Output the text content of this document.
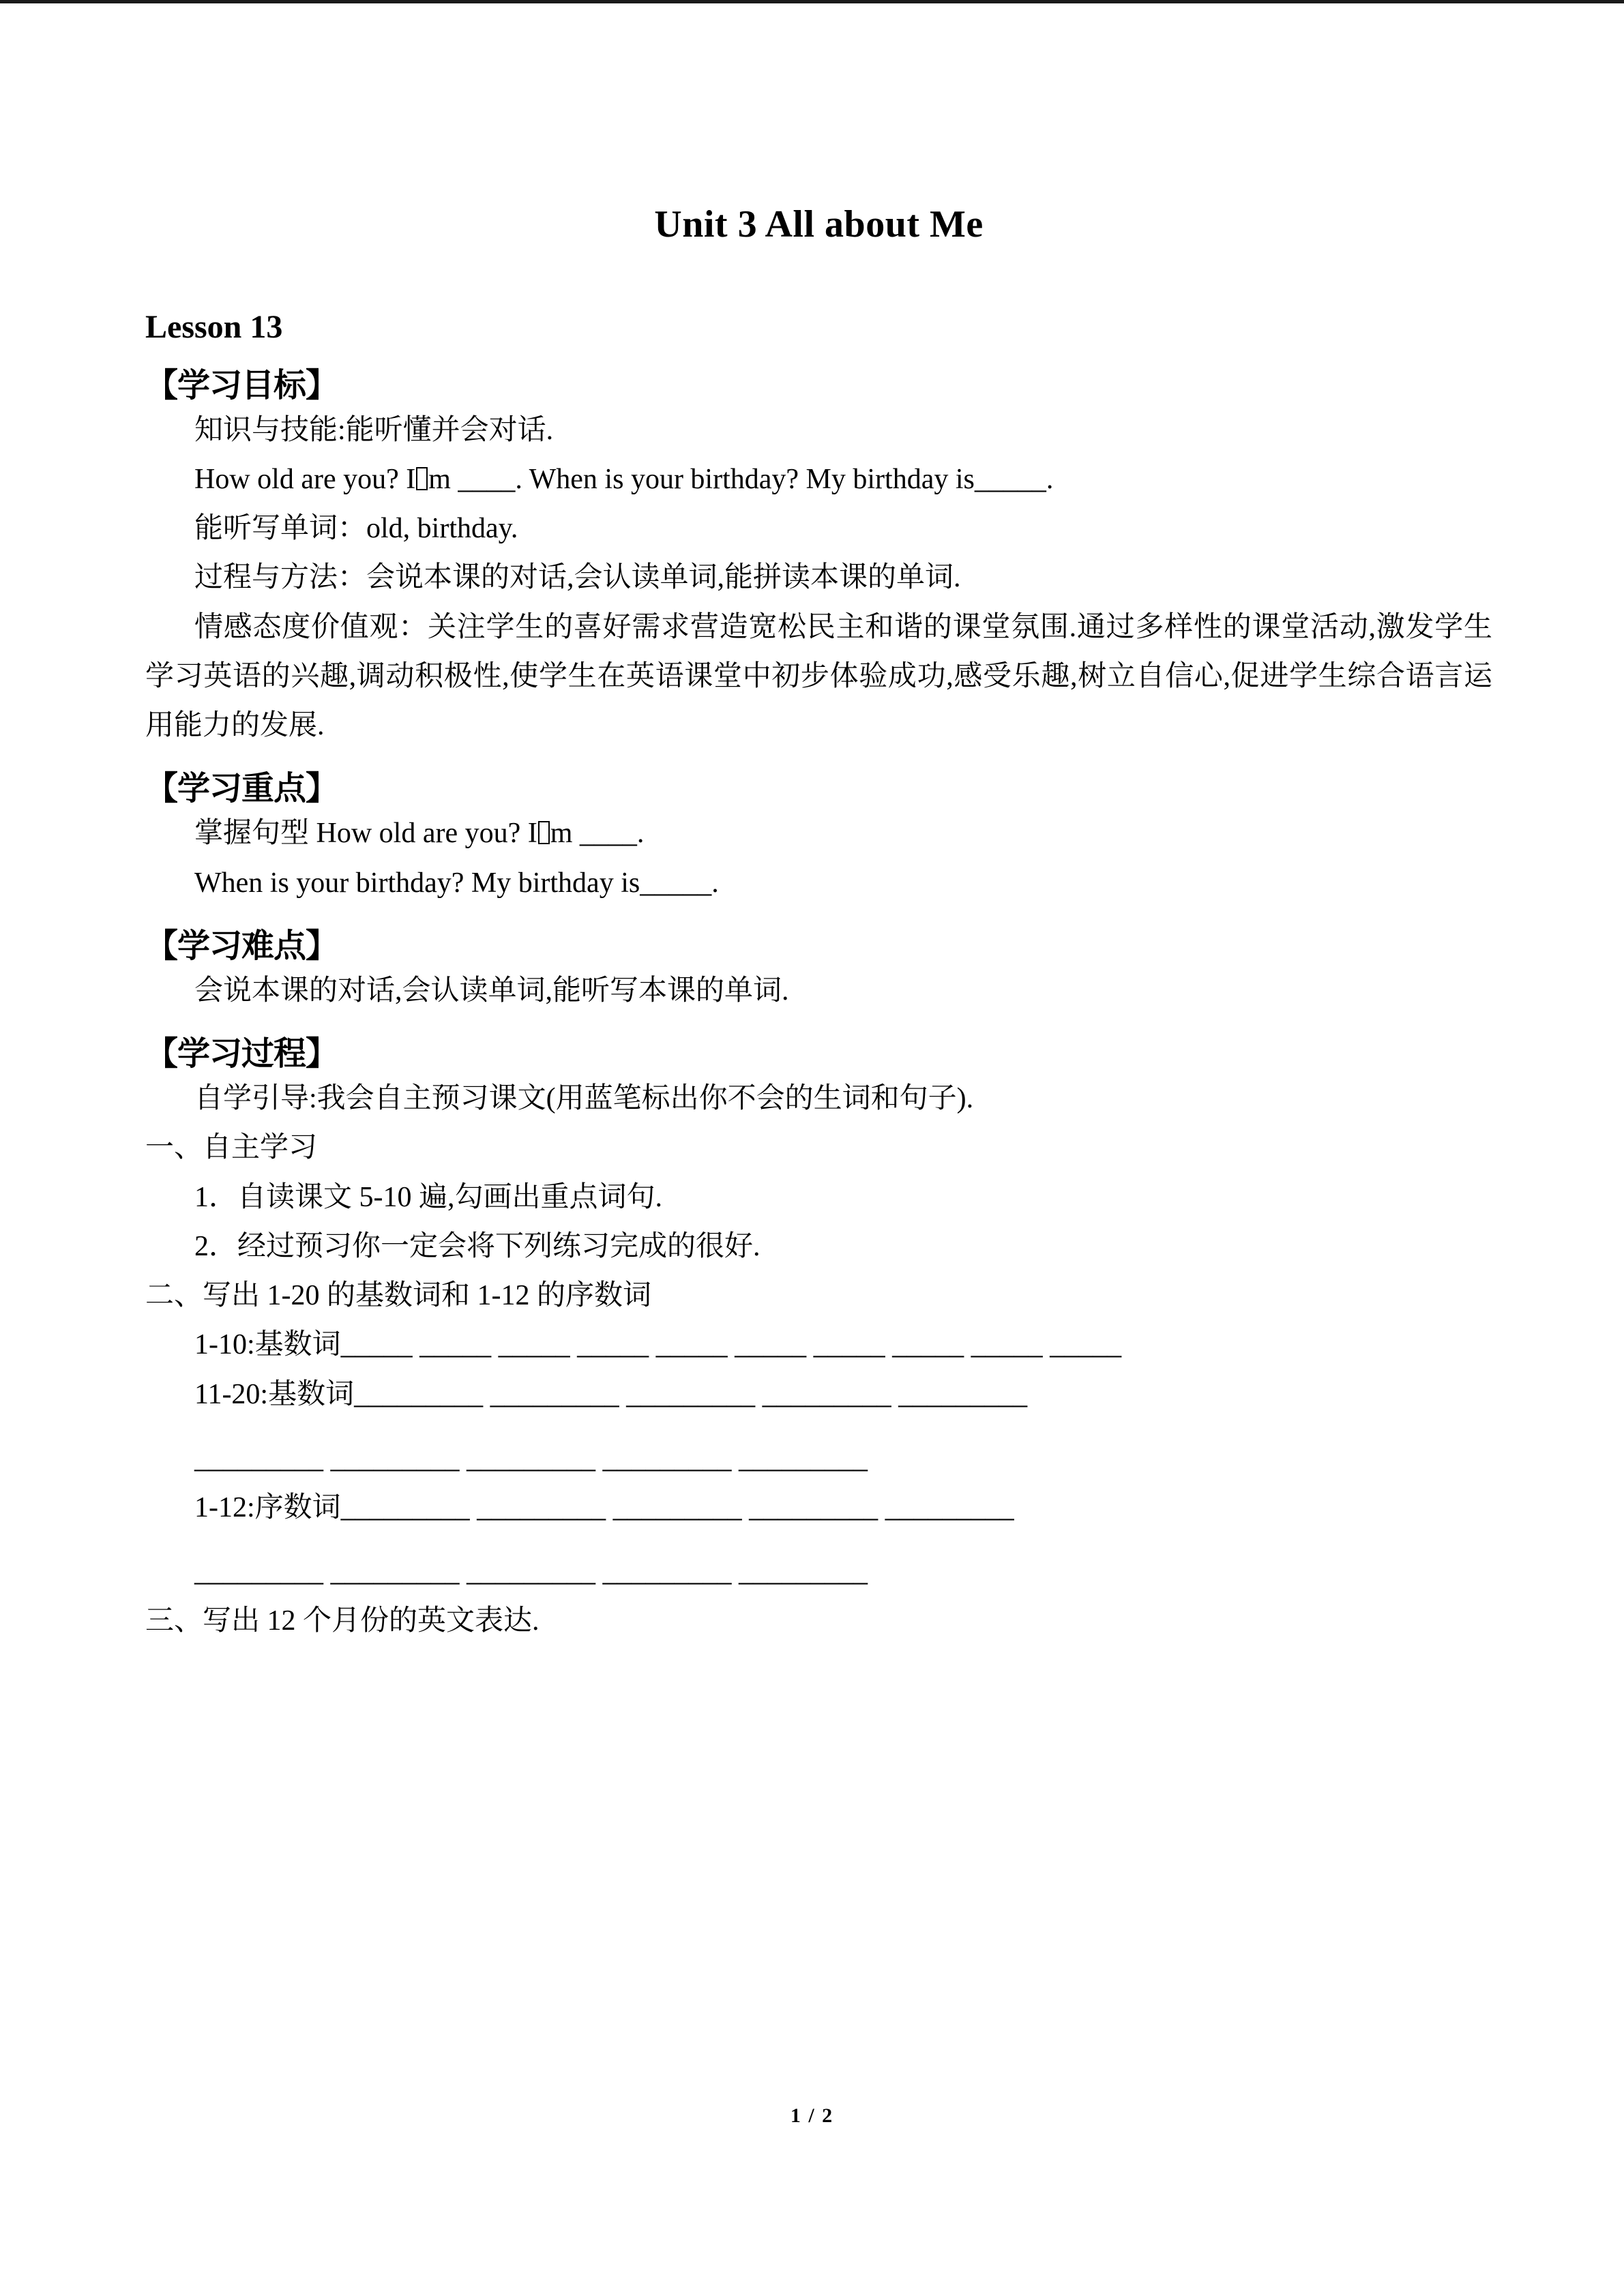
Unit 3 All about Me
Lesson 13
【学习目标】

知识与技能:能听懂并会对话.

How old are you? I m ____. When is your birthday? My birthday is_____.

能听写单词：old, birthday.

过程与方法：会说本课的对话,会认读单词,能拼读本课的单词.

情感态度价值观：关注学生的喜好需求营造宽松民主和谐的课堂氛围.通过多样性的课堂活动,激发学生学习英语的兴趣,调动积极性,使学生在英语课堂中初步体验成功,感受乐趣,树立自信心,促进学生综合语言运用能力的发展.

【学习重点】

掌握句型 How old are you? I m ____.

When is your birthday? My birthday is_____.

【学习难点】

会说本课的对话,会认读单词,能听写本课的单词.

【学习过程】

自学引导:我会自主预习课文(用蓝笔标出你不会的生词和句子).

一、自主学习

1．自读课文 5-10 遍,勾画出重点词句.

2．经过预习你一定会将下列练习完成的很好.

二、写出 1-20 的基数词和 1-12 的序数词

1-10:基数词_____ _____ _____ _____ _____ _____ _____ _____ _____ _____

11-20:基数词_________ _________ _________ _________ _________

_________ _________ _________ _________ _________

1-12:序数词_________ _________ _________ _________ _________

_________ _________ _________ _________ _________

三、写出 12 个月份的英文表达.

1 / 2
